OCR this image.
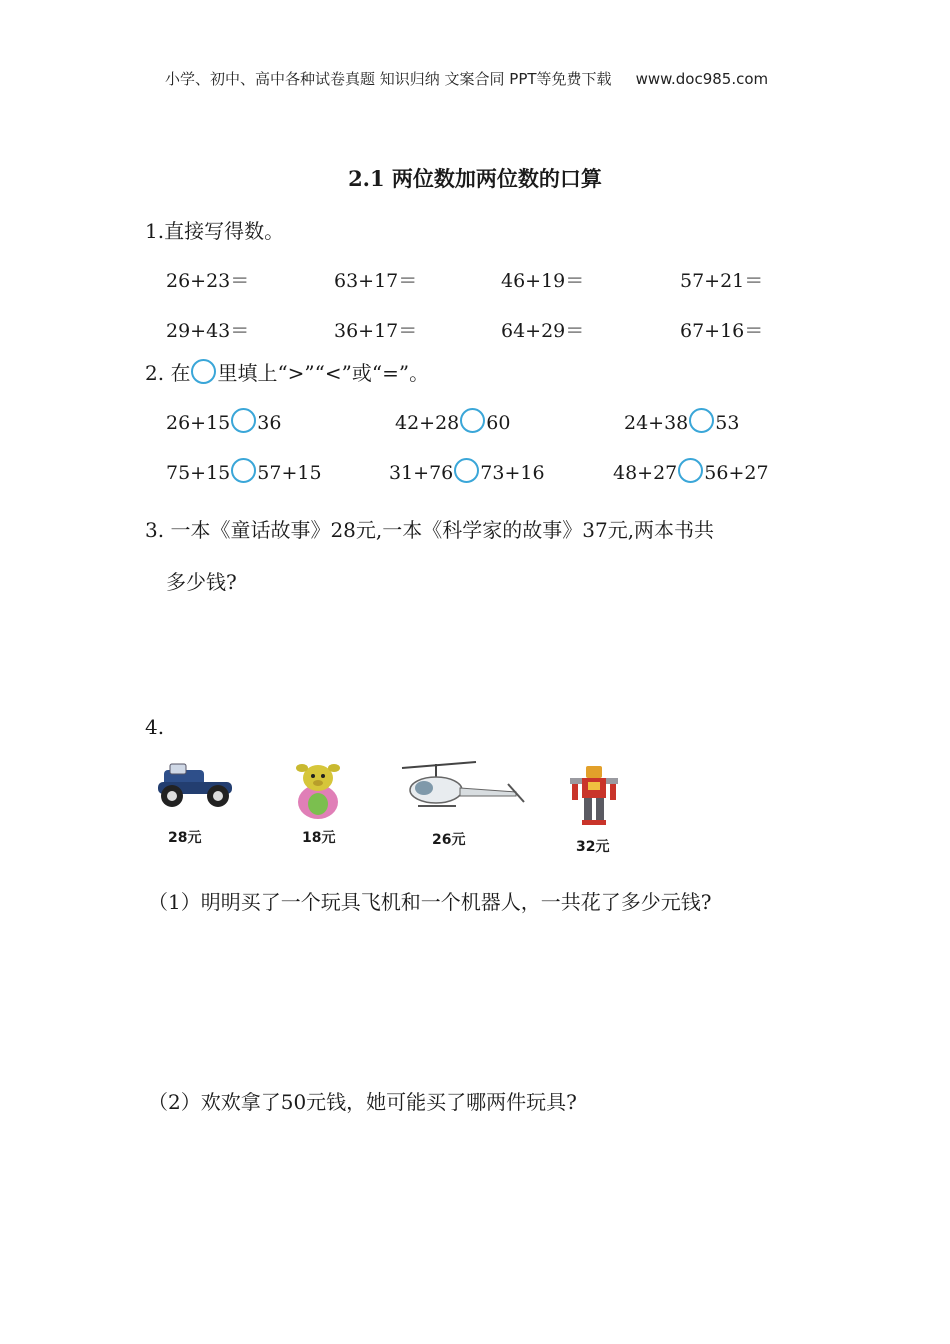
小学、初中、高中各种试卷真题 知识归纳 文案合同 PPT等免费下载 www.doc985.com
2.1 两位数加两位数的口算
1.直接写得数。
26+23＝	63+17＝	46+19＝	57+21＝
29+43＝	36+17＝	64+29＝	67+16＝
2. 在 里填上“>”“<”或“=”。
26+15 36	42+28 60	24+38 53
75+15 57+15	31+76 73+16	48+27 56+27
3. 一本《童话故事》28元,一本《科学家的故事》37元,两本书共
多少钱?
4.
28元	18元	26元	32元
（1）明明买了一个玩具飞机和一个机器人，一共花了多少元钱?
（2）欢欢拿了50元钱，她可能买了哪两件玩具?
